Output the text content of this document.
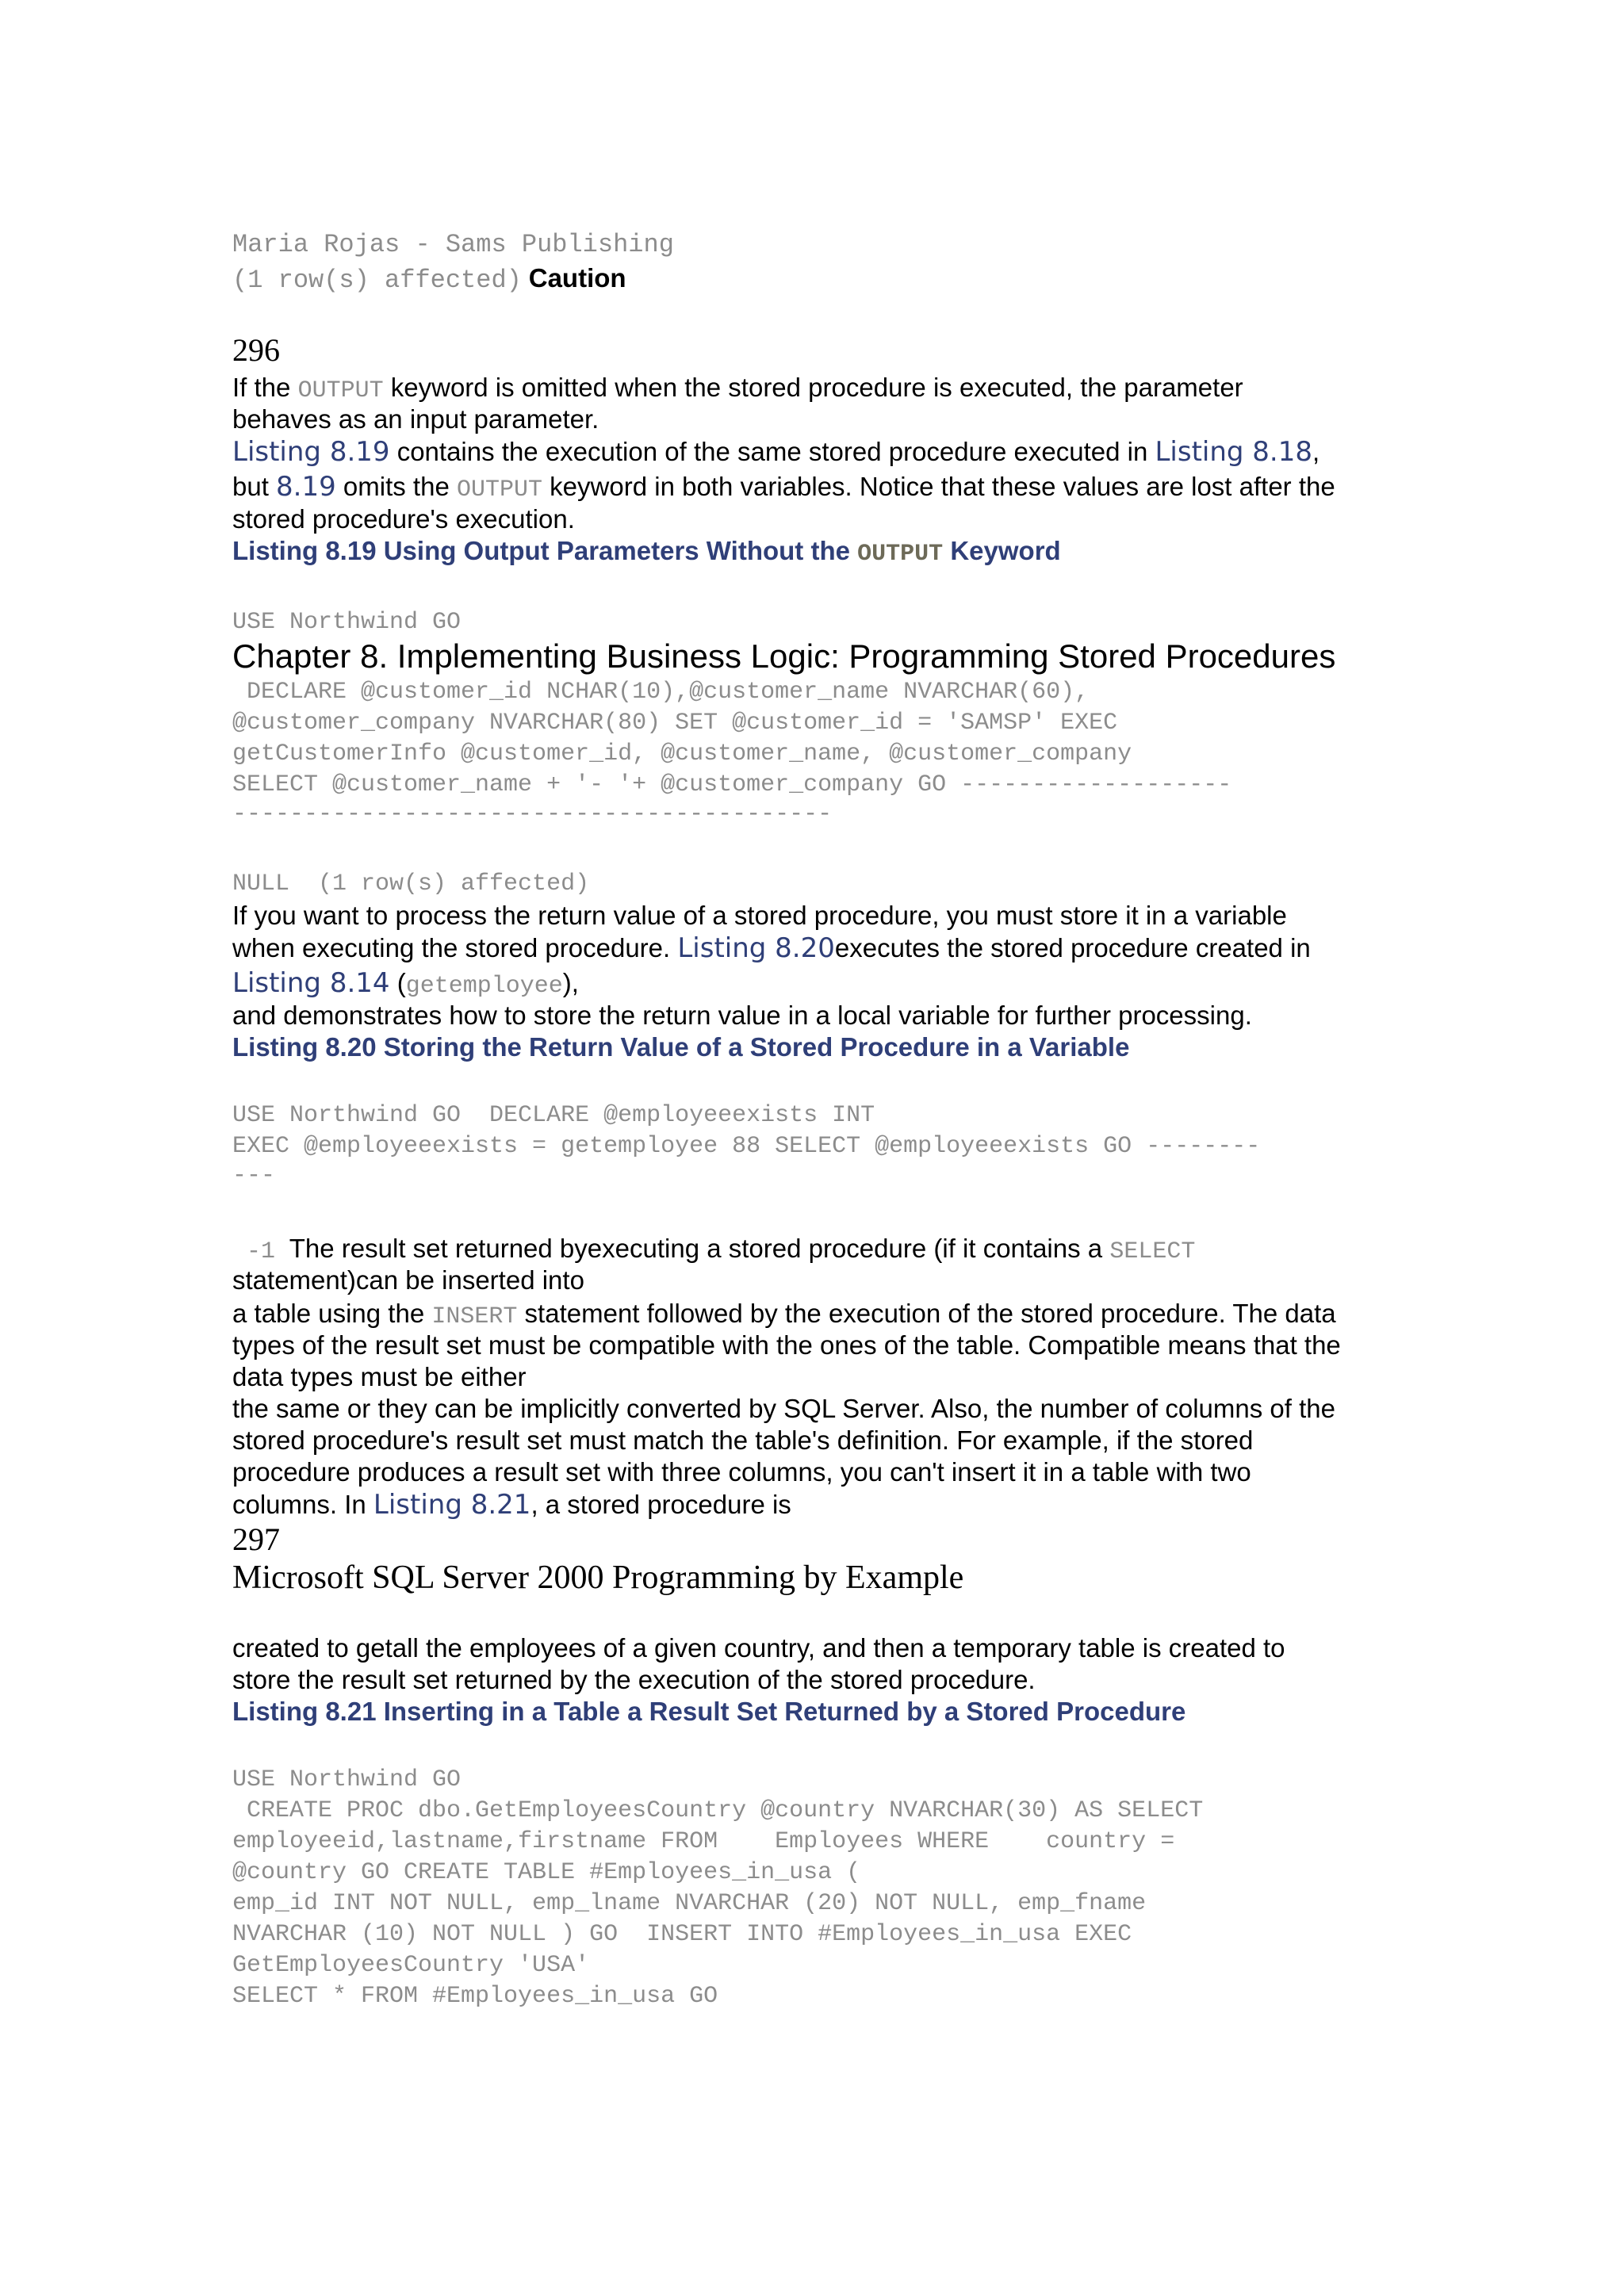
Maria Rojas - Sams Publishing
(1 row(s) affected) Caution
296
If the OUTPUT keyword is omitted when the stored procedure is executed, the parameter
behaves as an input parameter.
Listing 8.19 contains the execution of the same stored procedure executed in Listing 8.18,
but 8.19 omits the OUTPUT keyword in both variables. Notice that these values are lost after the
stored procedure's execution.
Listing 8.19 Using Output Parameters Without the OUTPUT Keyword
USE Northwind GO
Chapter 8. Implementing Business Logic: Programming Stored Procedures
DECLARE @customer_id NCHAR(10),@customer_name NVARCHAR(60),
@customer_company NVARCHAR(80) SET @customer_id = 'SAMSP' EXEC
getCustomerInfo @customer_id, @customer_name, @customer_company
SELECT @customer_name + '- '+ @customer_company GO -------------------
------------------------------------------
NULL  (1 row(s) affected)
If you want to process the return value of a stored procedure, you must store it in a variable
when executing the stored procedure. Listing 8.20executes the stored procedure created in
Listing 8.14 (getemployee),
and demonstrates how to store the return value in a local variable for further processing.
Listing 8.20 Storing the Return Value of a Stored Procedure in a Variable
USE Northwind GO  DECLARE @employeeexists INT
EXEC @employeeexists = getemployee 88 SELECT @employeeexists GO --------
---
-1  The result set returned byexecuting a stored procedure (if it contains a SELECT
statement)can be inserted into
a table using the INSERT statement followed by the execution of the stored procedure. The data
types of the result set must be compatible with the ones of the table. Compatible means that the
data types must be either
the same or they can be implicitly converted by SQL Server. Also, the number of columns of the
stored procedure's result set must match the table's definition. For example, if the stored
procedure produces a result set with three columns, you can't insert it in a table with two
columns. In Listing 8.21, a stored procedure is
297
Microsoft SQL Server 2000 Programming by Example
created to getall the employees of a given country, and then a temporary table is created to
store the result set returned by the execution of the stored procedure.
Listing 8.21 Inserting in a Table a Result Set Returned by a Stored Procedure
USE Northwind GO
CREATE PROC dbo.GetEmployeesCountry @country NVARCHAR(30) AS SELECT
employeeid,lastname,firstname FROM    Employees WHERE    country =
@country GO CREATE TABLE #Employees_in_usa (
emp_id INT NOT NULL, emp_lname NVARCHAR (20) NOT NULL, emp_fname
NVARCHAR (10) NOT NULL ) GO  INSERT INTO #Employees_in_usa EXEC
GetEmployeesCountry 'USA'
SELECT * FROM #Employees_in_usa GO
